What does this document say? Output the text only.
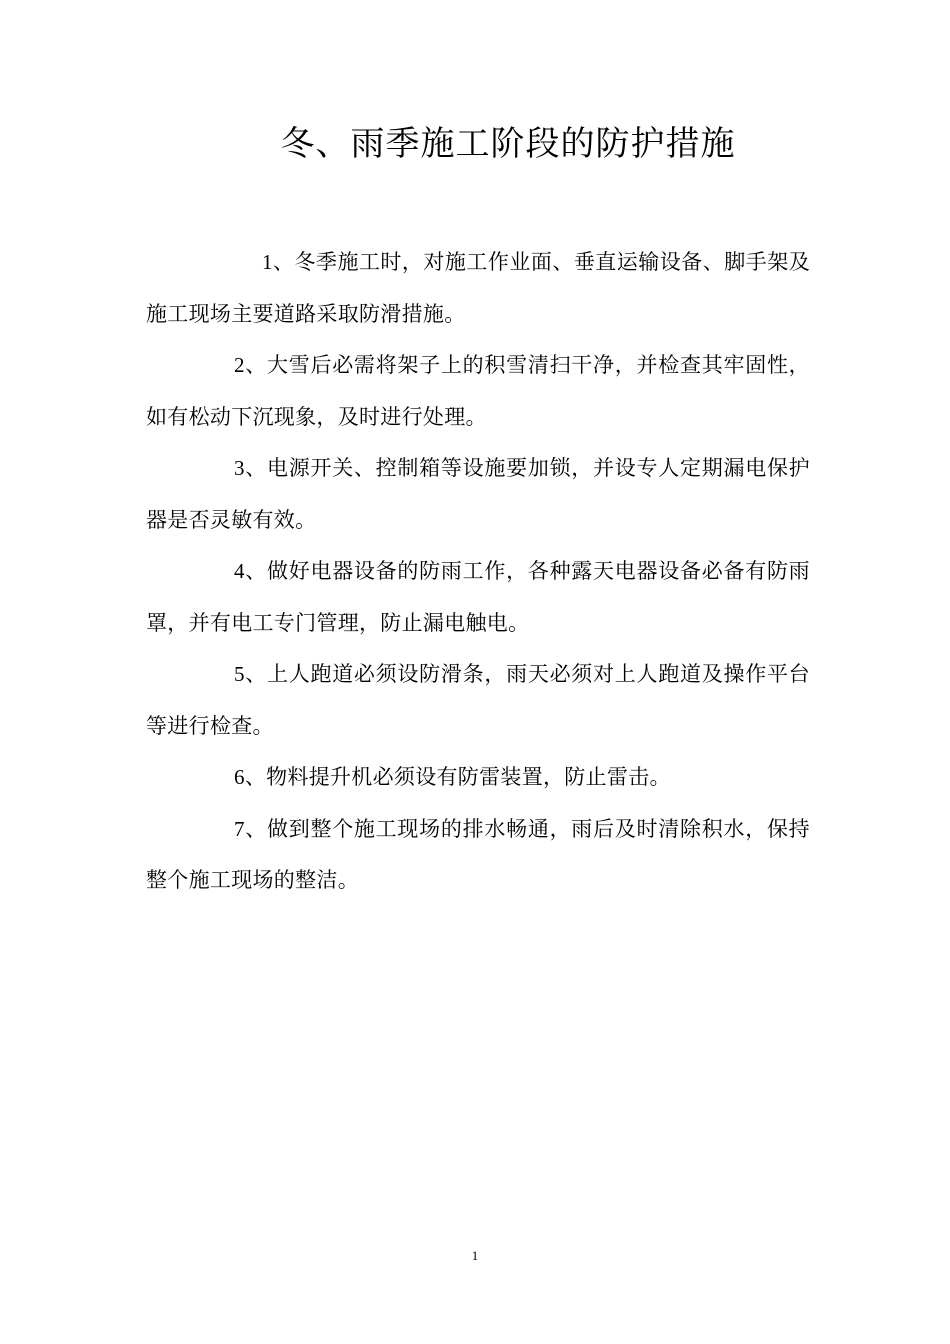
冬、雨季施工阶段的防护措施

1、冬季施工时，对施工作业面、垂直运输设备、脚手架及施工现场主要道路采取防滑措施。

2、大雪后必需将架子上的积雪清扫干净，并检查其牢固性，如有松动下沉现象，及时进行处理。

3、电源开关、控制箱等设施要加锁，并设专人定期漏电保护器是否灵敏有效。

4、做好电器设备的防雨工作，各种露天电器设备必备有防雨罩，并有电工专门管理，防止漏电触电。

5、上人跑道必须设防滑条，雨天必须对上人跑道及操作平台等进行检查。

6、物料提升机必须设有防雷装置，防止雷击。

7、做到整个施工现场的排水畅通，雨后及时清除积水，保持整个施工现场的整洁。

1
